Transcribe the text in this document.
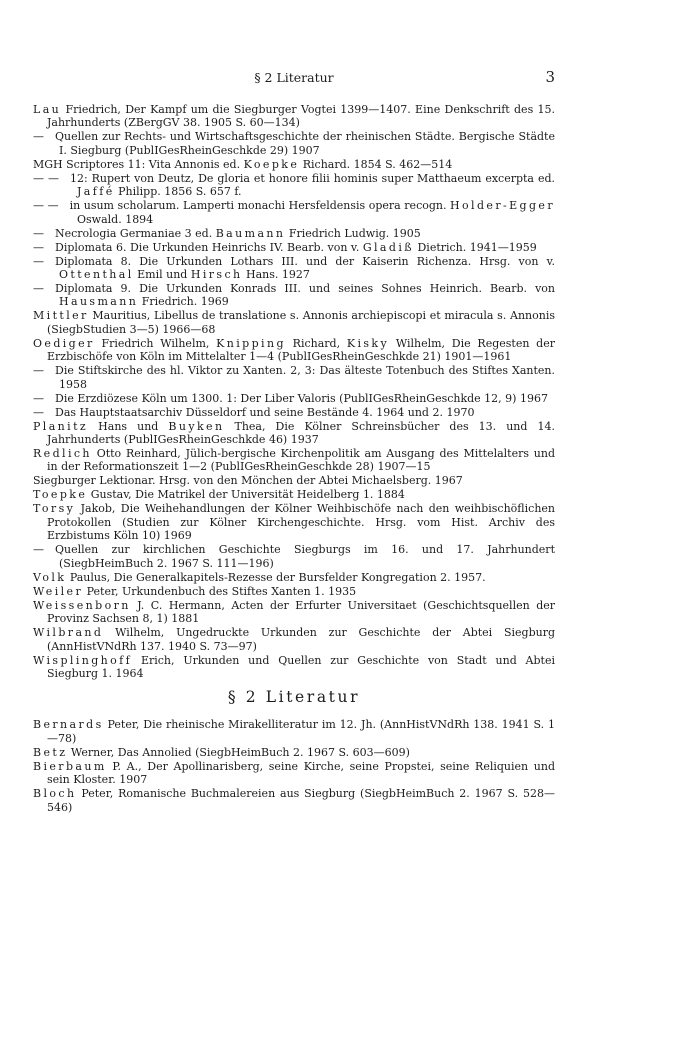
§ 2 Literatur	3
Lau Friedrich, Der Kampf um die Siegburger Vogtei 1399—1407. Eine Denkschrift des 15. Jahrhunderts (ZBergGV 38. 1905 S. 60—134)
—  Quellen zur Rechts- und Wirtschaftsgeschichte der rheinischen Städte. Bergische Städte I. Siegburg (PublIGesRheinGeschkde 29) 1907
MGH Scriptores 11: Vita Annonis ed. Koepke Richard. 1854 S. 462—514
— —  12: Rupert von Deutz, De gloria et honore filii hominis super Matthaeum excerpta ed. Jaffé Philipp. 1856 S. 657 f.
— —  in usum scholarum. Lamperti monachi Hersfeldensis opera recogn. Holder-Egger Oswald. 1894
—  Necrologia Germaniae 3 ed. Baumann Friedrich Ludwig. 1905
—  Diplomata 6. Die Urkunden Heinrichs IV. Bearb. von v. Gladiß Dietrich. 1941—1959
—  Diplomata 8. Die Urkunden Lothars III. und der Kaiserin Richenza. Hrsg. von v. Ottenthal Emil und Hirsch Hans. 1927
—  Diplomata 9. Die Urkunden Konrads III. und seines Sohnes Heinrich. Bearb. von Hausmann Friedrich. 1969
Mittler Mauritius, Libellus de translatione s. Annonis archiepiscopi et miracula s. Annonis (SiegbStudien 3—5) 1966—68
Oediger Friedrich Wilhelm, Knipping Richard, Kisky Wilhelm, Die Regesten der Erzbischöfe von Köln im Mittelalter 1—4 (PublIGesRheinGeschkde 21) 1901—1961
—  Die Stiftskirche des hl. Viktor zu Xanten. 2, 3: Das älteste Totenbuch des Stiftes Xanten. 1958
—  Die Erzdiözese Köln um 1300. 1: Der Liber Valoris (PublIGesRheinGeschkde 12, 9) 1967
—  Das Hauptstaatsarchiv Düsseldorf und seine Bestände 4. 1964 und 2. 1970
Planitz Hans und Buyken Thea, Die Kölner Schreinsbücher des 13. und 14. Jahrhunderts (PublIGesRheinGeschkde 46) 1937
Redlich Otto Reinhard, Jülich-bergische Kirchenpolitik am Ausgang des Mittelalters und in der Reformationszeit 1—2 (PublIGesRheinGeschkde 28) 1907—15
Siegburger Lektionar. Hrsg. von den Mönchen der Abtei Michaelsberg. 1967
Toepke Gustav, Die Matrikel der Universität Heidelberg 1. 1884
Torsy Jakob, Die Weihehandlungen der Kölner Weihbischöfe nach den weihbischöflichen Protokollen (Studien zur Kölner Kirchengeschichte. Hrsg. vom Hist. Archiv des Erzbistums Köln 10) 1969
—  Quellen zur kirchlichen Geschichte Siegburgs im 16. und 17. Jahrhundert (SiegbHeimBuch 2. 1967 S. 111—196)
Volk Paulus, Die Generalkapitels-Rezesse der Bursfelder Kongregation 2. 1957.
Weiler Peter, Urkundenbuch des Stiftes Xanten 1. 1935
Weissenborn J. C. Hermann, Acten der Erfurter Universitaet (Geschichtsquellen der Provinz Sachsen 8, 1) 1881
Wilbrand Wilhelm, Ungedruckte Urkunden zur Geschichte der Abtei Siegburg (AnnHistVNdRh 137. 1940 S. 73—97)
Wisplinghoff Erich, Urkunden und Quellen zur Geschichte von Stadt und Abtei Siegburg 1. 1964
§ 2 Literatur
Bernards Peter, Die rheinische Mirakelliteratur im 12. Jh. (AnnHistVNdRh 138. 1941 S. 1—78)
Betz Werner, Das Annolied (SiegbHeimBuch 2. 1967 S. 603—609)
Bierbaum P. A., Der Apollinarisberg, seine Kirche, seine Propstei, seine Reliquien und sein Kloster. 1907
Bloch Peter, Romanische Buchmalereien aus Siegburg (SiegbHeimBuch 2. 1967 S. 528—546)
